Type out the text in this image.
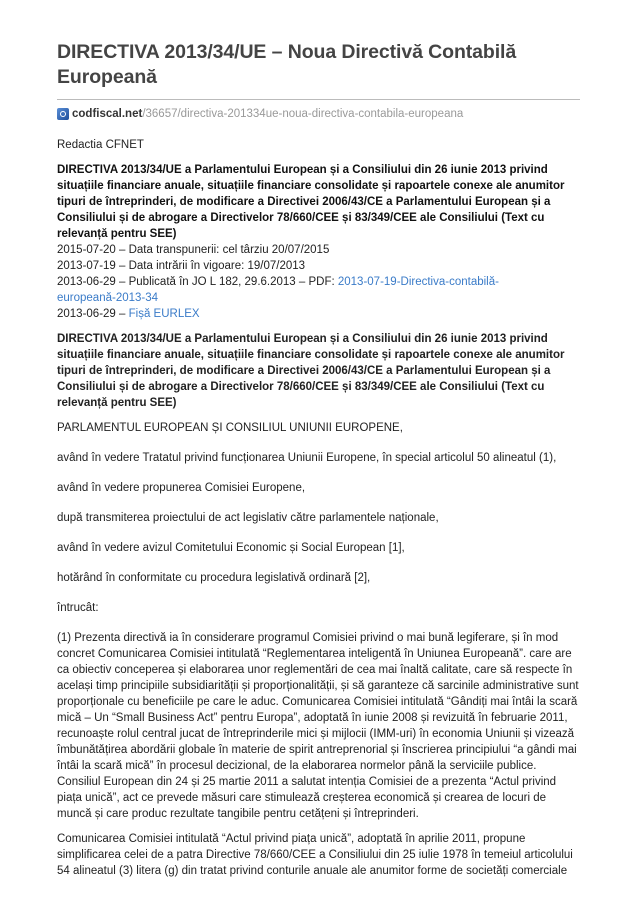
DIRECTIVA 2013/34/UE – Noua Directivă Contabilă Europeană
codfiscal.net /36657/directiva-201334ue-noua-directiva-contabila-europeana
Redactia CFNET
DIRECTIVA 2013/34/UE a Parlamentului European și a Consiliului din 26 iunie 2013 privind situațiile financiare anuale, situațiile financiare consolidate și rapoartele conexe ale anumitor tipuri de întreprinderi, de modificare a Directivei 2006/43/CE a Parlamentului European și a Consiliului și de abrogare a Directivelor 78/660/CEE și 83/349/CEE ale Consiliului (Text cu relevanță pentru SEE)
2015-07-20 – Data transpunerii: cel târziu 20/07/2015
2013-07-19 – Data intrării în vigoare: 19/07/2013
2013-06-29 – Publicată în JO L 182, 29.6.2013 – PDF: 2013-07-19-Directiva-contabilă-europeană-2013-34
2013-06-29 – Fișă EURLEX

DIRECTIVA 2013/34/UE a Parlamentului European și a Consiliului din 26 iunie 2013 privind situațiile financiare anuale, situațiile financiare consolidate și rapoartele conexe ale anumitor tipuri de întreprinderi, de modificare a Directivei 2006/43/CE a Parlamentului European și a Consiliului și de abrogare a Directivelor 78/660/CEE și 83/349/CEE ale Consiliului (Text cu relevanță pentru SEE)

PARLAMENTUL EUROPEAN ȘI CONSILIUL UNIUNII EUROPENE,

având în vedere Tratatul privind funcționarea Uniunii Europene, în special articolul 50 alineatul (1),

având în vedere propunerea Comisiei Europene,

după transmiterea proiectului de act legislativ către parlamentele naționale,

având în vedere avizul Comitetului Economic și Social European [1],

hotărând în conformitate cu procedura legislativă ordinară [2],

întrucât:

(1) Prezenta directivă ia în considerare programul Comisiei privind o mai bună legiferare, și în mod concret Comunicarea Comisiei intitulată “Reglementarea inteligentă în Uniunea Europeană”. care are ca obiectiv conceperea și elaborarea unor reglementări de cea mai înaltă calitate, care să respecte în același timp principiile subsidiarității și proporționalității, și să garanteze că sarcinile administrative sunt proporționale cu beneficiile pe care le aduc. Comunicarea Comisiei intitulată “Gândiți mai întâi la scară mică – Un “Small Business Act” pentru Europa”, adoptată în iunie 2008 și revizuită în februarie 2011, recunoaște rolul central jucat de întreprinderile mici și mijlocii (IMM-uri) în economia Uniunii și vizează îmbunătățirea abordării globale în materie de spirit antreprenorial și înscrierea principiului “a gândi mai întâi la scară mică” în procesul decizional, de la elaborarea normelor până la serviciile publice. Consiliul European din 24 și 25 martie 2011 a salutat intenția Comisiei de a prezenta “Actul privind piața unică”, act ce prevede măsuri care stimulează creșterea economică și crearea de locuri de muncă și care produc rezultate tangibile pentru cetățeni și întreprinderi.

Comunicarea Comisiei intitulată “Actul privind piața unică”, adoptată în aprilie 2011, propune simplificarea celei de a patra Directive 78/660/CEE a Consiliului din 25 iulie 1978 în temeiul articolului 54 alineatul (3) litera (g) din tratat privind conturile anuale ale anumitor forme de societăți comerciale
